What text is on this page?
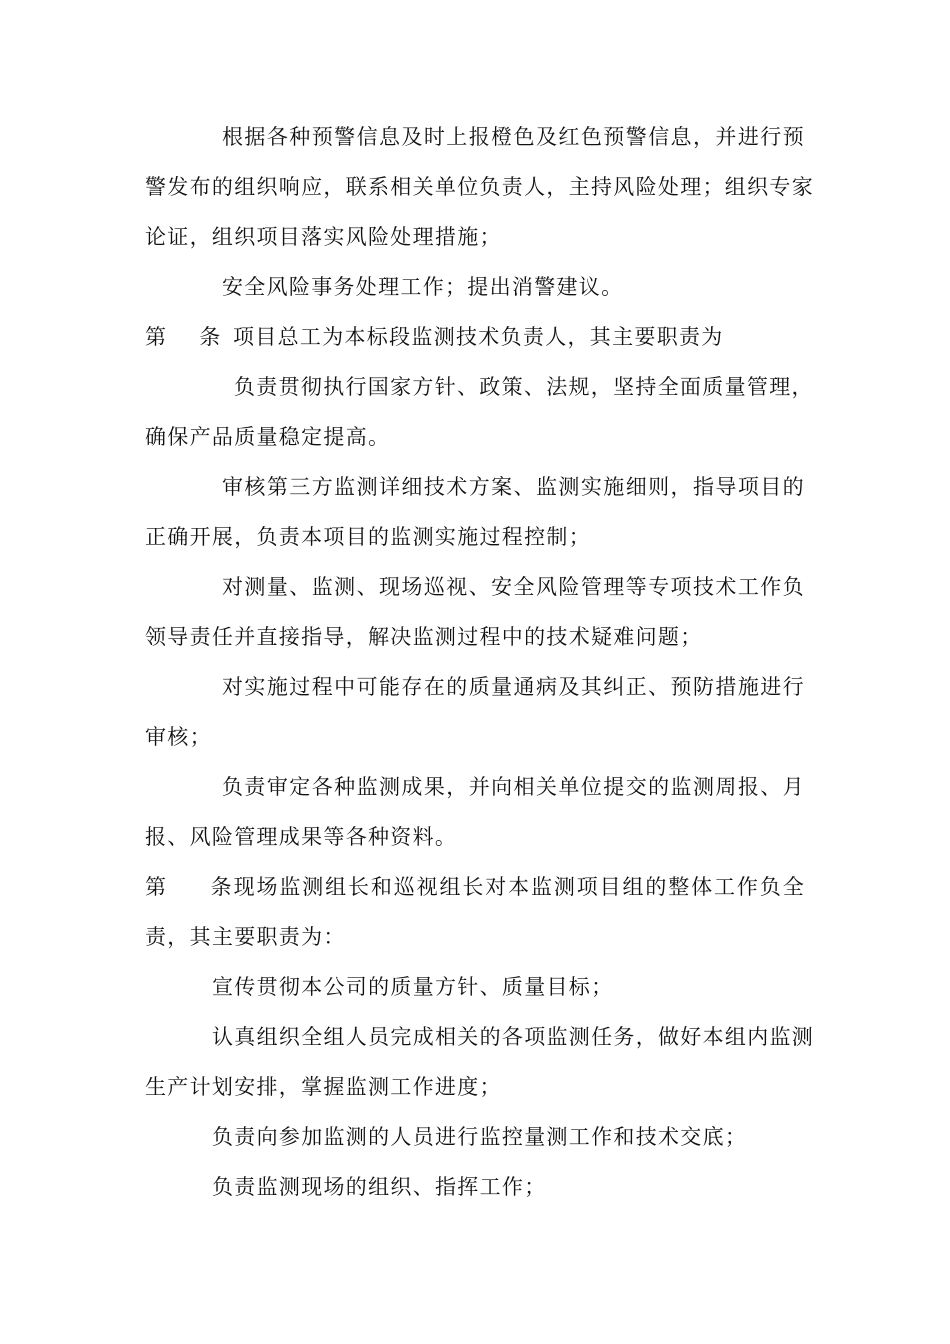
根据各种预警信息及时上报橙色及红色预警信息，并进行预
警发布的组织响应，联系相关单位负责人，主持风险处理；组织专家
论证，组织项目落实风险处理措施；
安全风险事务处理工作；提出消警建议。
第    条 项目总工为本标段监测技术负责人，其主要职责为
负责贯彻执行国家方针、政策、法规，坚持全面质量管理，
确保产品质量稳定提高。
审核第三方监测详细技术方案、监测实施细则，指导项目的
正确开展，负责本项目的监测实施过程控制；
对测量、监测、现场巡视、安全风险管理等专项技术工作负
领导责任并直接指导，解决监测过程中的技术疑难问题；
对实施过程中可能存在的质量通病及其纠正、预防措施进行
审核；
负责审定各种监测成果，并向相关单位提交的监测周报、月
报、风险管理成果等各种资料。
第    条现场监测组长和巡视组长对本监测项目组的整体工作负全
责，其主要职责为：
宣传贯彻本公司的质量方针、质量目标；
认真组织全组人员完成相关的各项监测任务，做好本组内监测
生产计划安排，掌握监测工作进度；
负责向参加监测的人员进行监控量测工作和技术交底；
负责监测现场的组织、指挥工作；
